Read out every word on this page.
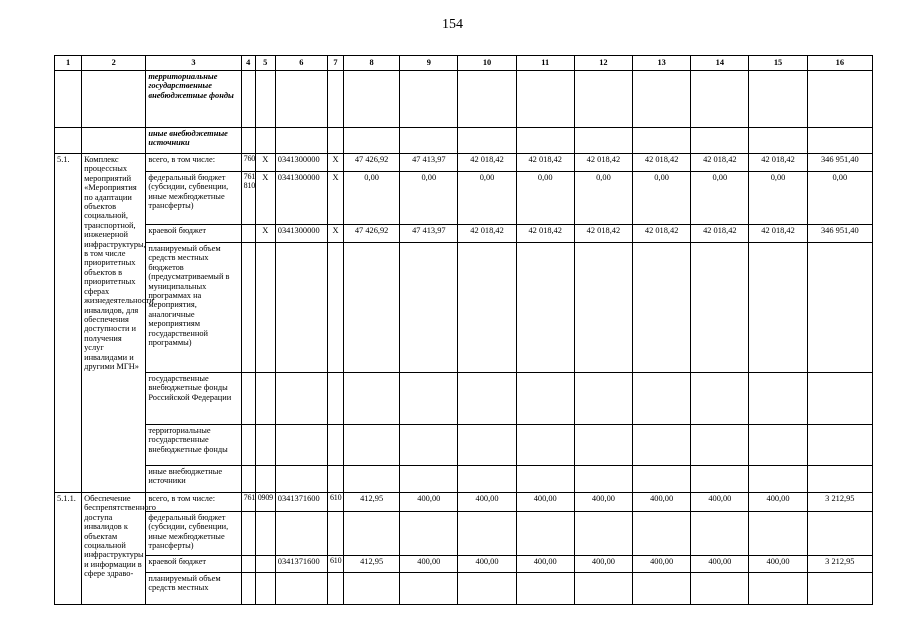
154
1	2	3	4	5	6	7	8	9	10	11	12	13	14	15	16
		территориальные государственные внебюджетные фонды													
		иные внебюджетные источники													
5.1.	Комплекс процессных мероприятий «Мероприятия по адаптации объектов социальной, транспортной, инженерной инфраструктуры, в том числе приоритетных объектов в приоритетных сферах жизнедеятельности инвалидов, для обеспечения доступности и получения услуг инвалидами и другими МГН»	всего, в том числе:	760	Х	0341300000	Х	47 426,92	47 413,97	42 018,42	42 018,42	42 018,42	42 018,42	42 018,42	42 018,42	346 951,40
		федеральный бюджет (субсидии, субвенции, иные межбюджетные трансферты)	761 810	Х	0341300000	Х	0,00	0,00	0,00	0,00	0,00	0,00	0,00	0,00	0,00
		краевой бюджет		Х	0341300000	Х	47 426,92	47 413,97	42 018,42	42 018,42	42 018,42	42 018,42	42 018,42	42 018,42	346 951,40
		планируемый объем средств местных бюджетов (предусматриваемый в муниципальных программах на мероприятия, аналогичные мероприятиям государственной программы)													
		государственные внебюджетные фонды Российской Федерации													
		территориальные государственные внебюджетные фонды													
		иные внебюджетные источники													
5.1.1.	Обеспечение беспрепятственного доступа инвалидов к объектам социальной инфраструктуры и информации в сфере здраво-	всего, в том числе:	761	0909	0341371600	610	412,95	400,00	400,00	400,00	400,00	400,00	400,00	400,00	3 212,95
		федеральный бюджет (субсидии, субвенции, иные межбюджетные трансферты)													
		краевой бюджет			0341371600	610	412,95	400,00	400,00	400,00	400,00	400,00	400,00	400,00	3 212,95
		планируемый объем средств местных													
